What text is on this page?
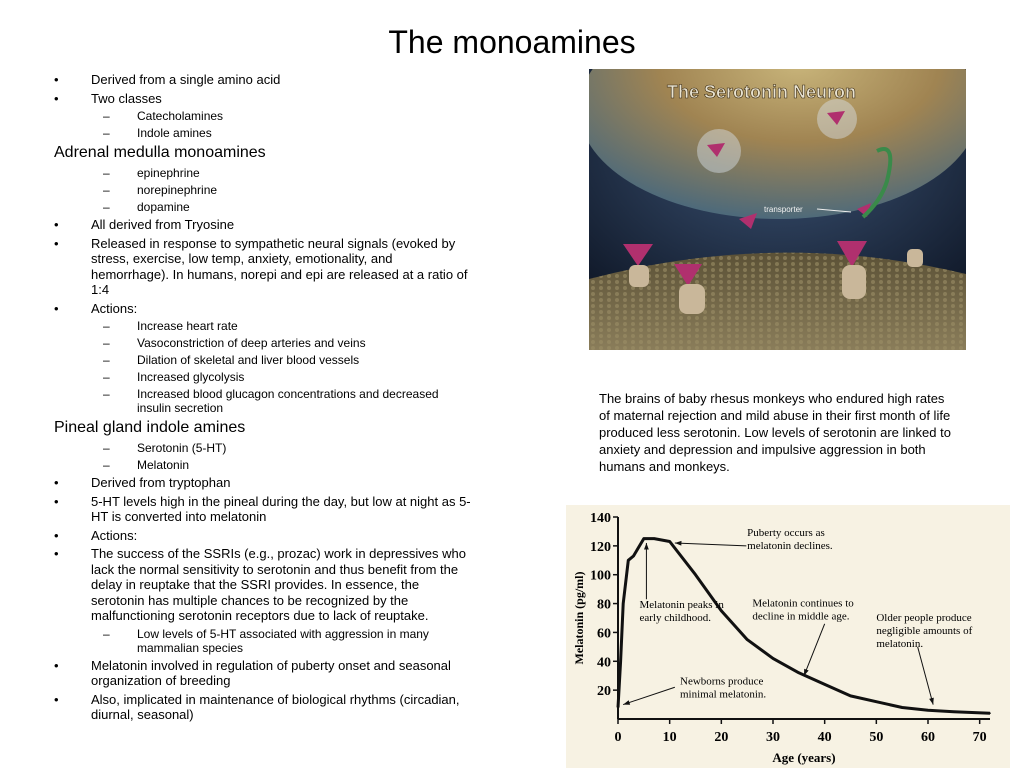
The monoamines
• Derived from a single amino acid
• Two classes
– Catecholamines
– Indole amines
Adrenal medulla monoamines
– epinephrine
– norepinephrine
– dopamine
• All derived from Tryosine
• Released in response to sympathetic neural signals (evoked by stress, exercise, low temp, anxiety, emotionality, and hemorrhage). In humans, norepi and epi are released at a ratio of 1:4
• Actions:
– Increase heart rate
– Vasoconstriction of deep arteries and veins
– Dilation of skeletal and liver blood vessels
– Increased glycolysis
– Increased blood glucagon concentrations and decreased insulin secretion
Pineal gland indole amines
– Serotonin (5-HT)
– Melatonin
• Derived from tryptophan
• 5-HT levels high in the pineal during the day, but low at night as 5-HT is converted into melatonin
• Actions:
• The success of the SSRIs (e.g., prozac) work in depressives who lack the normal sensitivity to serotonin and thus benefit from the delay in reuptake that the SSRI provides. In essence, the serotonin has multiple chances to be recognized by the malfunctioning serotonin receptors due to lack of reuptake.
– Low levels of 5-HT associated with aggression in many mammalian species
• Melatonin involved in regulation of puberty onset and seasonal organization of breeding
• Also, implicated in maintenance of biological rhythms (circadian, diurnal, seasonal)
The Serotonin Neuron
transporter
The brains of baby rhesus monkeys who endured high rates of maternal rejection and mild abuse in their first month of life produced less serotonin. Low levels of serotonin are linked to anxiety and depression and impulsive aggression in both humans and monkeys.
20
40
60
80
100
120
140
0	10	20	30	40	50	60	70
Age (years)
Melatonin (pg/ml)
Puberty occurs as melatonin declines.
Melatonin peaks in early childhood.
Melatonin continues to decline in middle age.	Older people produce negligible amounts of melatonin.
Newborns produce minimal melatonin.
